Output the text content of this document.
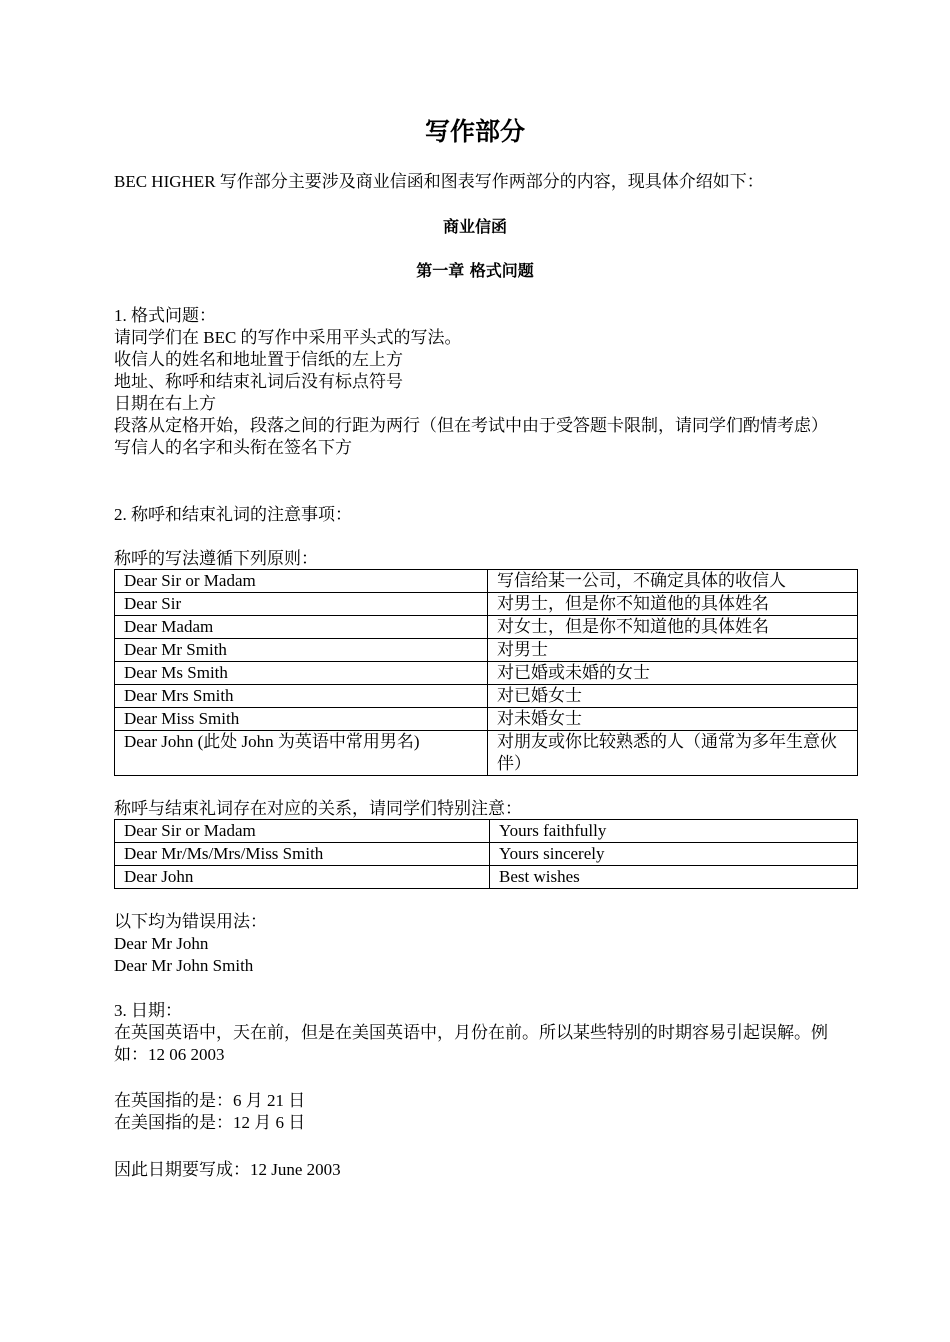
写作部分
BEC HIGHER 写作部分主要涉及商业信函和图表写作两部分的内容，现具体介绍如下：
商业信函
第一章 格式问题
1. 格式问题：
请同学们在 BEC 的写作中采用平头式的写法。
收信人的姓名和地址置于信纸的左上方
地址、称呼和结束礼词后没有标点符号
日期在右上方
段落从定格开始，段落之间的行距为两行（但在考试中由于受答题卡限制，请同学们酌情考虑）
写信人的名字和头衔在签名下方
2. 称呼和结束礼词的注意事项：
称呼的写法遵循下列原则：
Dear Sir or Madam	写信给某一公司，不确定具体的收信人
Dear Sir	对男士，但是你不知道他的具体姓名
Dear Madam	对女士，但是你不知道他的具体姓名
Dear Mr Smith	对男士
Dear Ms Smith	对已婚或未婚的女士
Dear Mrs Smith	对已婚女士
Dear Miss Smith	对未婚女士
Dear John (此处 John 为英语中常用男名)	对朋友或你比较熟悉的人（通常为多年生意伙伴）
称呼与结束礼词存在对应的关系，请同学们特别注意：
Dear Sir or Madam	Yours faithfully
Dear Mr/Ms/Mrs/Miss Smith	Yours sincerely
Dear John	Best wishes
以下均为错误用法：
Dear Mr John
Dear Mr John Smith
3. 日期：
在英国英语中，天在前，但是在美国英语中，月份在前。所以某些特别的时期容易引起误解。例如：12 06 2003
在英国指的是：6 月 21 日
在美国指的是：12 月 6 日
因此日期要写成：12 June 2003
